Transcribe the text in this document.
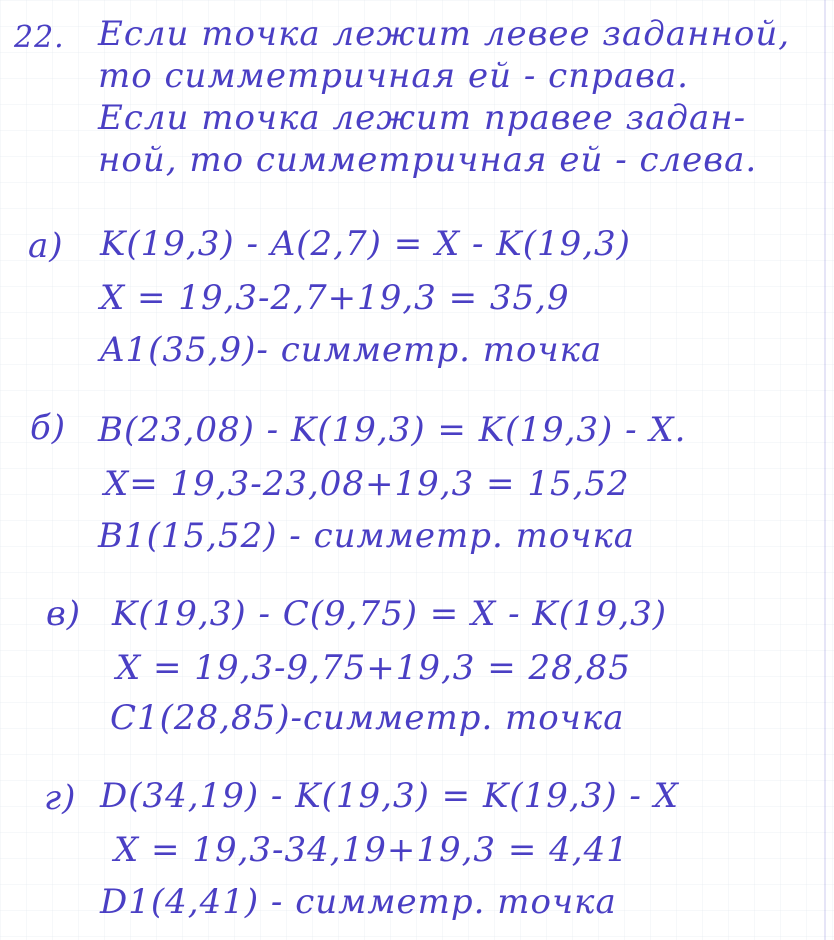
22. Если точка лежит левее заданной,
то симметричная ей - справа.
Если точка лежит правее задан-
ной, то симметричная ей - слева.
а) K(19,3) - A(2,7) = X - K(19,3)
X = 19,3-2,7+19,3 = 35,9
A1(35,9)- симметр. точка
б) B(23,08) - K(19,3) = K(19,3) - X.
X= 19,3-23,08+19,3 = 15,52
B1(15,52) - симметр. точка
в) K(19,3) - C(9,75) = X - K(19,3)
X = 19,3-9,75+19,3 = 28,85
C1(28,85)-симметр. точка
г) D(34,19) - K(19,3) = K(19,3) - X
X = 19,3-34,19+19,3 = 4,41
D1(4,41) - симметр. точка
